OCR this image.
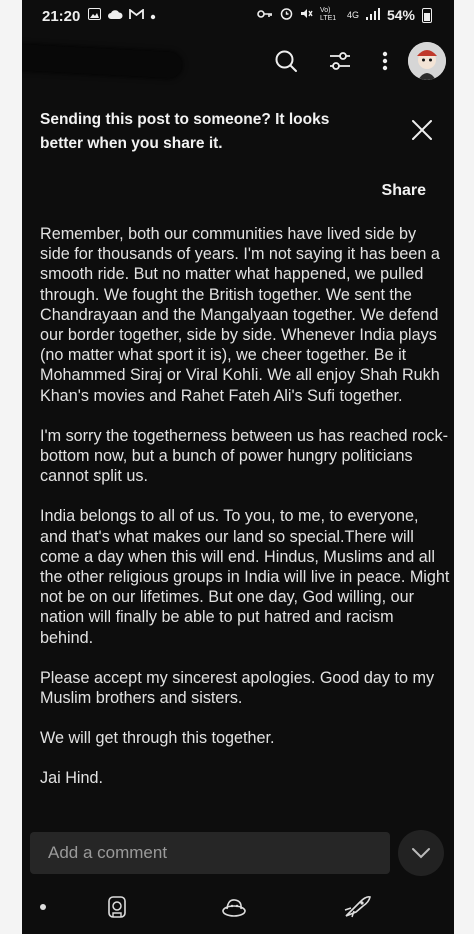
21:20	Vo) LTE1	4G 54%
Sending this post to someone? It looks better when you share it.
Share

Remember, both our communities have lived side by side for thousands of years. I'm not saying it has been a smooth ride. But no matter what happened, we pulled through. We fought the British together. We sent the Chandrayaan and the Mangalyaan together. We defend our border together, side by side. Whenever India plays (no matter what sport it is), we cheer together. Be it Mohammed Siraj or Viral Kohli. We all enjoy Shah Rukh Khan's movies and Rahet Fateh Ali's Sufi together.

I'm sorry the togetherness between us has reached rock-bottom now, but a bunch of power hungry politicians cannot split us.

India belongs to all of us. To you, to me, to everyone, and that's what makes our land so special.There will come a day when this will end. Hindus, Muslims and all the other religious groups in India will live in peace. Might not be on our lifetimes. But one day, God willing, our nation will finally be able to put hatred and racism behind.

Please accept my sincerest apologies. Good day to my Muslim brothers and sisters.

We will get through this together.

Jai Hind.

Add a comment
